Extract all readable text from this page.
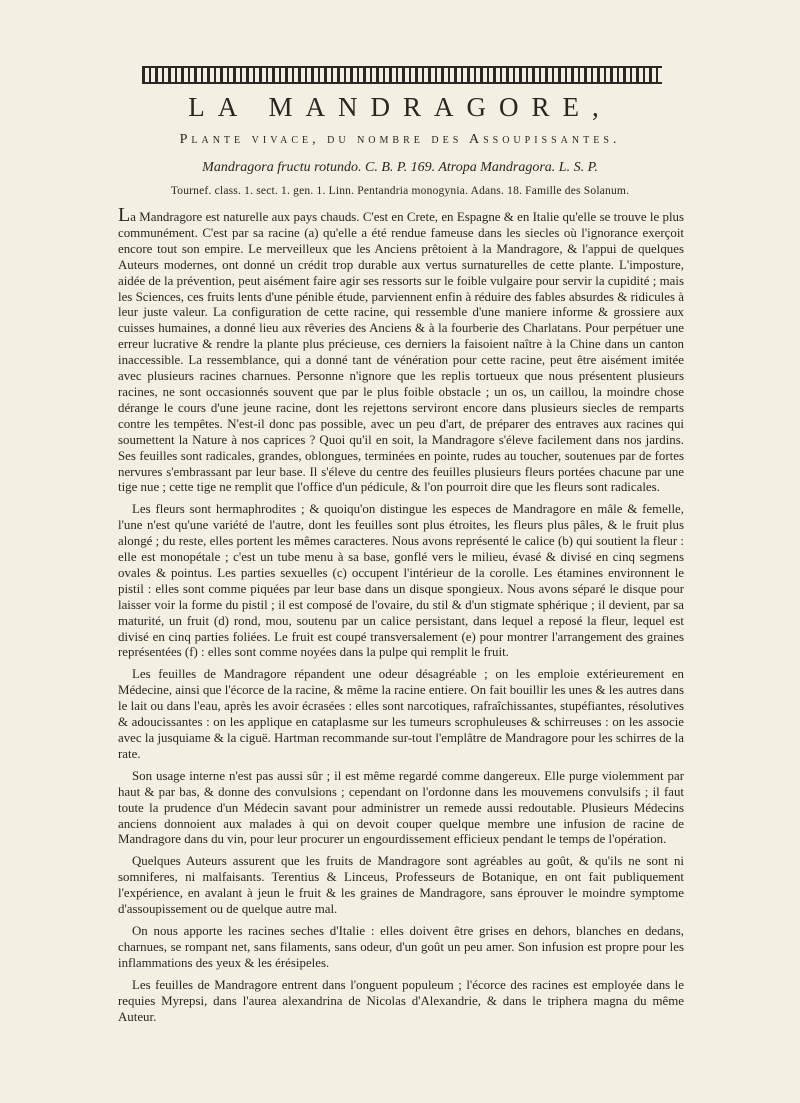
LA MANDRAGORE,
Plante vivace, du nombre des Assoupissantes.
Mandragora fructu rotundo. C. B. P. 169. Atropa Mandragora. L. S. P.
Tournef. class. 1. sect. 1. gen. 1. Linn. Pentandria monogynia. Adans. 18. Famille des Solanum.

La Mandragore est naturelle aux pays chauds. C'est en Crete, en Espagne & en Italie qu'elle se trouve le plus communément. C'est par sa racine (a) qu'elle a été rendue fameuse dans les siecles où l'ignorance exerçoit encore tout son empire. Le merveilleux que les Anciens prêtoient à la Mandragore, & l'appui de quelques Auteurs modernes, ont donné un crédit trop durable aux vertus surnaturelles de cette plante. L'imposture, aidée de la prévention, peut aisément faire agir ses ressorts sur le foible vulgaire pour servir la cupidité ; mais les Sciences, ces fruits lents d'une pénible étude, parviennent enfin à réduire des fables absurdes & ridicules à leur juste valeur. La configuration de cette racine, qui ressemble d'une maniere informe & grossiere aux cuisses humaines, a donné lieu aux rêveries des Anciens & à la fourberie des Charlatans. Pour perpétuer une erreur lucrative & rendre la plante plus précieuse, ces derniers la faisoient naître à la Chine dans un canton inaccessible. La ressemblance, qui a donné tant de vénération pour cette racine, peut être aisément imitée avec plusieurs racines charnues. Personne n'ignore que les replis tortueux que nous présentent plusieurs racines, ne sont occasionnés souvent que par le plus foible obstacle ; un os, un caillou, la moindre chose dérange le cours d'une jeune racine, dont les rejettons serviront encore dans plusieurs siecles de remparts contre les tempêtes. N'est-il donc pas possible, avec un peu d'art, de préparer des entraves aux racines qui soumettent la Nature à nos caprices ? Quoi qu'il en soit, la Mandragore s'éleve facilement dans nos jardins. Ses feuilles sont radicales, grandes, oblongues, terminées en pointe, rudes au toucher, soutenues par de fortes nervures s'embrassant par leur base. Il s'éleve du centre des feuilles plusieurs fleurs portées chacune par une tige nue ; cette tige ne remplit que l'office d'un pédicule, & l'on pourroit dire que les fleurs sont radicales.

Les fleurs sont hermaphrodites ; & quoiqu'on distingue les especes de Mandragore en mâle & femelle, l'une n'est qu'une variété de l'autre, dont les feuilles sont plus étroites, les fleurs plus pâles, & le fruit plus alongé ; du reste, elles portent les mêmes caracteres. Nous avons représenté le calice (b) qui soutient la fleur : elle est monopétale ; c'est un tube menu à sa base, gonflé vers le milieu, évasé & divisé en cinq segmens ovales & pointus. Les parties sexuelles (c) occupent l'intérieur de la corolle. Les étamines environnent le pistil : elles sont comme piquées par leur base dans un disque spongieux. Nous avons séparé le disque pour laisser voir la forme du pistil ; il est composé de l'ovaire, du stil & d'un stigmate sphérique ; il devient, par sa maturité, un fruit (d) rond, mou, soutenu par un calice persistant, dans lequel a reposé la fleur, lequel est divisé en cinq parties foliées. Le fruit est coupé transversalement (e) pour montrer l'arrangement des graines représentées (f) : elles sont comme noyées dans la pulpe qui remplit le fruit.

Les feuilles de Mandragore répandent une odeur désagréable ; on les emploie extérieurement en Médecine, ainsi que l'écorce de la racine, & même la racine entiere. On fait bouillir les unes & les autres dans le lait ou dans l'eau, après les avoir écrasées : elles sont narcotiques, rafraîchissantes, stupéfiantes, résolutives & adoucissantes : on les applique en cataplasme sur les tumeurs scrophuleuses & schirreuses : on les associe avec la jusquiame & la ciguë. Hartman recommande sur-tout l'emplâtre de Mandragore pour les schirres de la rate.

Son usage interne n'est pas aussi sûr ; il est même regardé comme dangereux. Elle purge violemment par haut & par bas, & donne des convulsions ; cependant on l'ordonne dans les mouvemens convulsifs ; il faut toute la prudence d'un Médecin savant pour administrer un remede aussi redoutable. Plusieurs Médecins anciens donnoient aux malades à qui on devoit couper quelque membre une infusion de racine de Mandragore dans du vin, pour leur procurer un engourdissement efficieux pendant le temps de l'opération.

Quelques Auteurs assurent que les fruits de Mandragore sont agréables au goût, & qu'ils ne sont ni somniferes, ni malfaisants. Terentius & Linceus, Professeurs de Botanique, en ont fait publiquement l'expérience, en avalant à jeun le fruit & les graines de Mandragore, sans éprouver le moindre symptome d'assoupissement ou de quelque autre mal.

On nous apporte les racines seches d'Italie : elles doivent être grises en dehors, blanches en dedans, charnues, se rompant net, sans filaments, sans odeur, d'un goût un peu amer. Son infusion est propre pour les inflammations des yeux & les érésipeles.

Les feuilles de Mandragore entrent dans l'onguent populeum ; l'écorce des racines est employée dans le requies Myrepsi, dans l'aurea alexandrina de Nicolas d'Alexandrie, & dans le triphera magna du même Auteur.
